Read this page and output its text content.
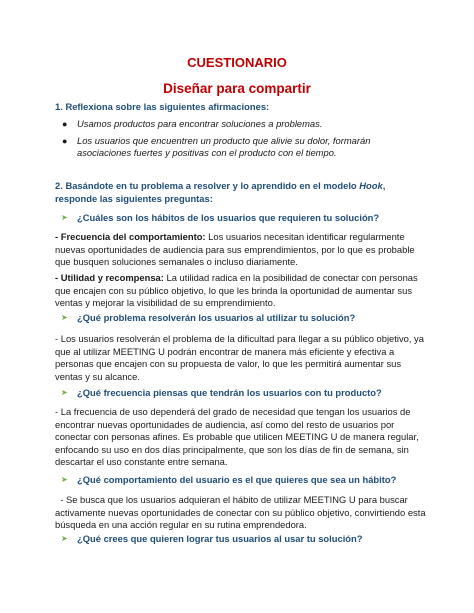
CUESTIONARIO
Diseñar para compartir
1. Reflexiona sobre las siguientes afirmaciones:
● Usamos productos para encontrar soluciones a problemas.
● Los usuarios que encuentren un producto que alivie su dolor, formarán asociaciones fuertes y positivas con el producto con el tiempo.
2. Basándote en tu problema a resolver y lo aprendido en el modelo Hook, responde las siguientes preguntas:
➤ ¿Cuáles son los hábitos de los usuarios que requieren tu solución?
- Frecuencia del comportamiento: Los usuarios necesitan identificar regularmente nuevas oportunidades de audiencia para sus emprendimientos, por lo que es probable que busquen soluciones semanales o incluso diariamente.
- Utilidad y recompensa: La utilidad radica en la posibilidad de conectar con personas que encajen con su público objetivo, lo que les brinda la oportunidad de aumentar sus ventas y mejorar la visibilidad de su emprendimiento.
➤ ¿Qué problema resolverán los usuarios al utilizar tu solución?
- Los usuarios resolverán el problema de la dificultad para llegar a su público objetivo, ya que al utilizar MEETING U podrán encontrar de manera más eficiente y efectiva a personas que encajen con su propuesta de valor, lo que les permitirá aumentar sus ventas y su alcance.
➤ ¿Qué frecuencia piensas que tendrán los usuarios con tu producto?
- La frecuencia de uso dependerá del grado de necesidad que tengan los usuarios de encontrar nuevas oportunidades de audiencia, así como del resto de usuarios por conectar con personas afines. Es probable que utilicen MEETING U de manera regular, enfocando su uso en dos días principalmente, que son los días de fin de semana, sin descartar el uso constante entre semana.
➤ ¿Qué comportamiento del usuario es el que quieres que sea un hábito?
- Se busca que los usuarios adquieran el hábito de utilizar MEETING U para buscar activamente nuevas oportunidades de conectar con su público objetivo, convirtiendo esta búsqueda en una acción regular en su rutina emprendedora.
➤ ¿Qué crees que quieren lograr tus usuarios al usar tu solución?
